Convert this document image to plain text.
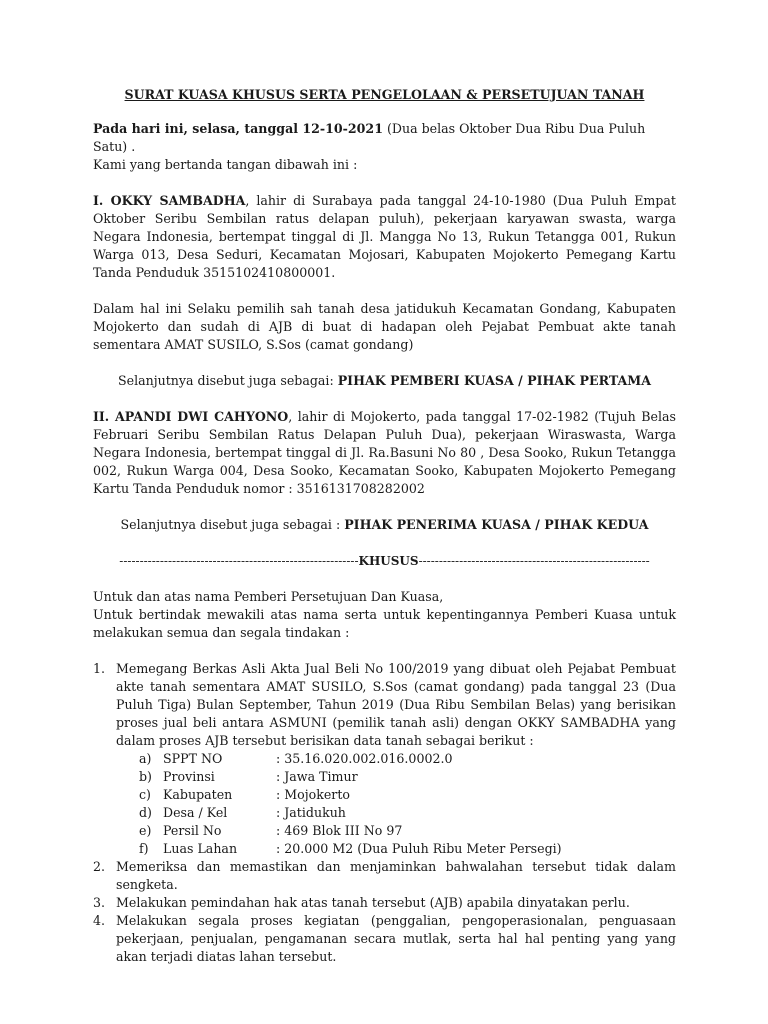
SURAT KUASA KHUSUS SERTA PENGELOLAAN & PERSETUJUAN TANAH

Pada hari ini, selasa, tanggal 12-10-2021 (Dua belas Oktober Dua Ribu Dua Puluh Satu) .

Kami yang bertanda tangan dibawah ini :

I. OKKY SAMBADHA, lahir di Surabaya pada tanggal 24-10-1980 (Dua Puluh Empat Oktober Seribu Sembilan ratus delapan puluh), pekerjaan karyawan swasta, warga Negara Indonesia, bertempat tinggal di Jl. Mangga No 13, Rukun Tetangga 001, Rukun Warga 013, Desa Seduri, Kecamatan Mojosari, Kabupaten Mojokerto Pemegang Kartu Tanda Penduduk 3515102410800001.

Dalam hal ini Selaku pemilih sah tanah desa jatidukuh Kecamatan Gondang, Kabupaten Mojokerto dan sudah di AJB di buat di hadapan oleh Pejabat Pembuat akte tanah sementara AMAT SUSILO, S.Sos (camat gondang)

Selanjutnya disebut juga sebagai: PIHAK PEMBERI KUASA / PIHAK PERTAMA

II. APANDI DWI CAHYONO, lahir di Mojokerto, pada tanggal 17-02-1982 (Tujuh Belas Februari Seribu Sembilan Ratus Delapan Puluh Dua), pekerjaan Wiraswasta, Warga Negara Indonesia, bertempat tinggal di Jl. Ra.Basuni No 80 , Desa Sooko, Rukun Tetangga 002, Rukun Warga 004, Desa Sooko, Kecamatan Sooko, Kabupaten Mojokerto Pemegang Kartu Tanda Penduduk nomor : 3516131708282002

Selanjutnya disebut juga sebagai : PIHAK PENERIMA KUASA / PIHAK KEDUA

-----------------------------------------------------------KHUSUS---------------------------------------------------------

Untuk dan atas nama Pemberi Persetujuan Dan Kuasa,

Untuk bertindak mewakili atas nama serta untuk kepentingannya Pemberi Kuasa untuk melakukan semua dan segala tindakan :

1. Memegang Berkas Asli Akta Jual Beli No 100/2019 yang dibuat oleh Pejabat Pembuat akte tanah sementara AMAT SUSILO, S.Sos (camat gondang) pada tanggal 23 (Dua Puluh Tiga) Bulan September, Tahun 2019 (Dua Ribu Sembilan Belas) yang berisikan proses jual beli antara ASMUNI (pemilik tanah asli) dengan OKKY SAMBADHA yang dalam proses AJB tersebut berisikan data tanah sebagai berikut :
a) SPPT NO	: 35.16.020.002.016.0002.0
b) Provinsi	: Jawa Timur
c) Kabupaten	: Mojokerto
d) Desa / Kel	: Jatidukuh
e) Persil No	: 469 Blok III No 97
f)	Luas Lahan	: 20.000 M2 (Dua Puluh Ribu Meter Persegi)
2. Memeriksa dan memastikan dan menjaminkan bahwalahan tersebut tidak dalam sengketa.
3. Melakukan pemindahan hak atas tanah tersebut (AJB) apabila dinyatakan perlu.
4. Melakukan segala proses kegiatan (penggalian, pengoperasionalan, penguasaan pekerjaan, penjualan, pengamanan secara mutlak, serta hal hal penting yang yang akan terjadi diatas lahan tersebut.
